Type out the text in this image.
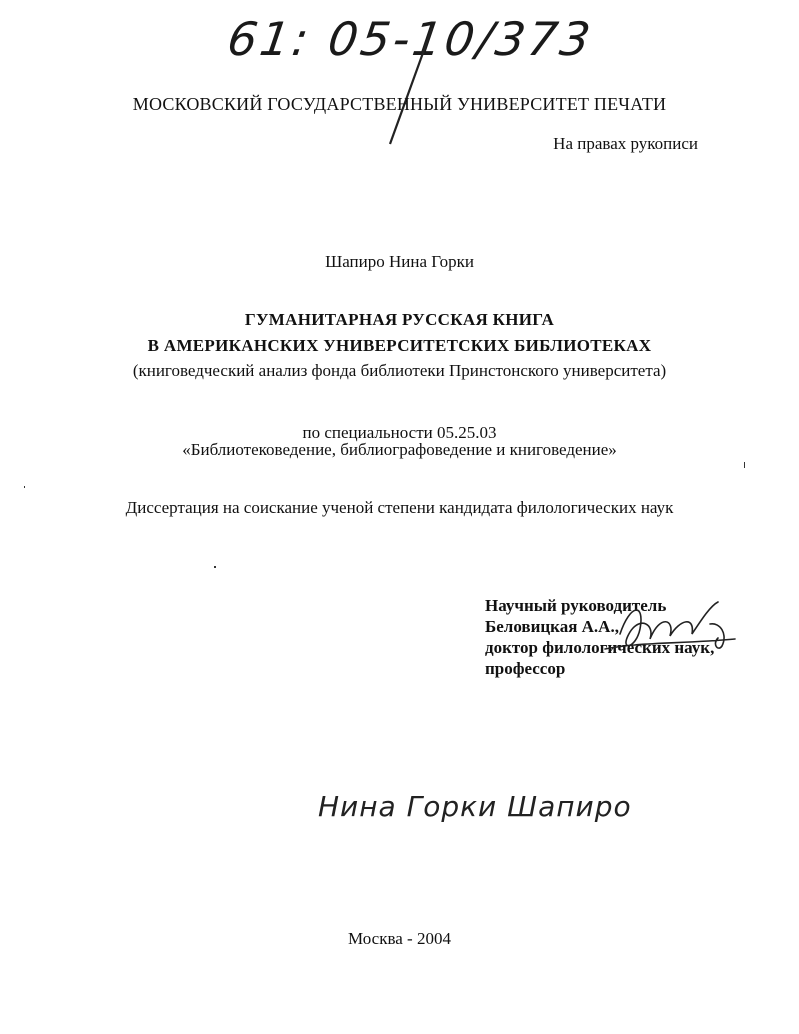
61: 05-10/373
МОСКОВСКИЙ ГОСУДАРСТВЕННЫЙ УНИВЕРСИТЕТ ПЕЧАТИ
На правах рукописи
Шапиро Нина Горки
ГУМАНИТАРНАЯ РУССКАЯ КНИГА
В АМЕРИКАНСКИХ УНИВЕРСИТЕТСКИХ БИБЛИОТЕКАХ
(книговедческий анализ фонда библиотеки Принстонского университета)
по специальности 05.25.03
«Библиотековедение, библиографоведение и книговедение»
Диссертация на соискание ученой степени кандидата филологических наук
Научный руководитель
Беловицкая А.А.,
доктор филологических наук,
профессор
Нина Горки Шапиро
Москва - 2004
